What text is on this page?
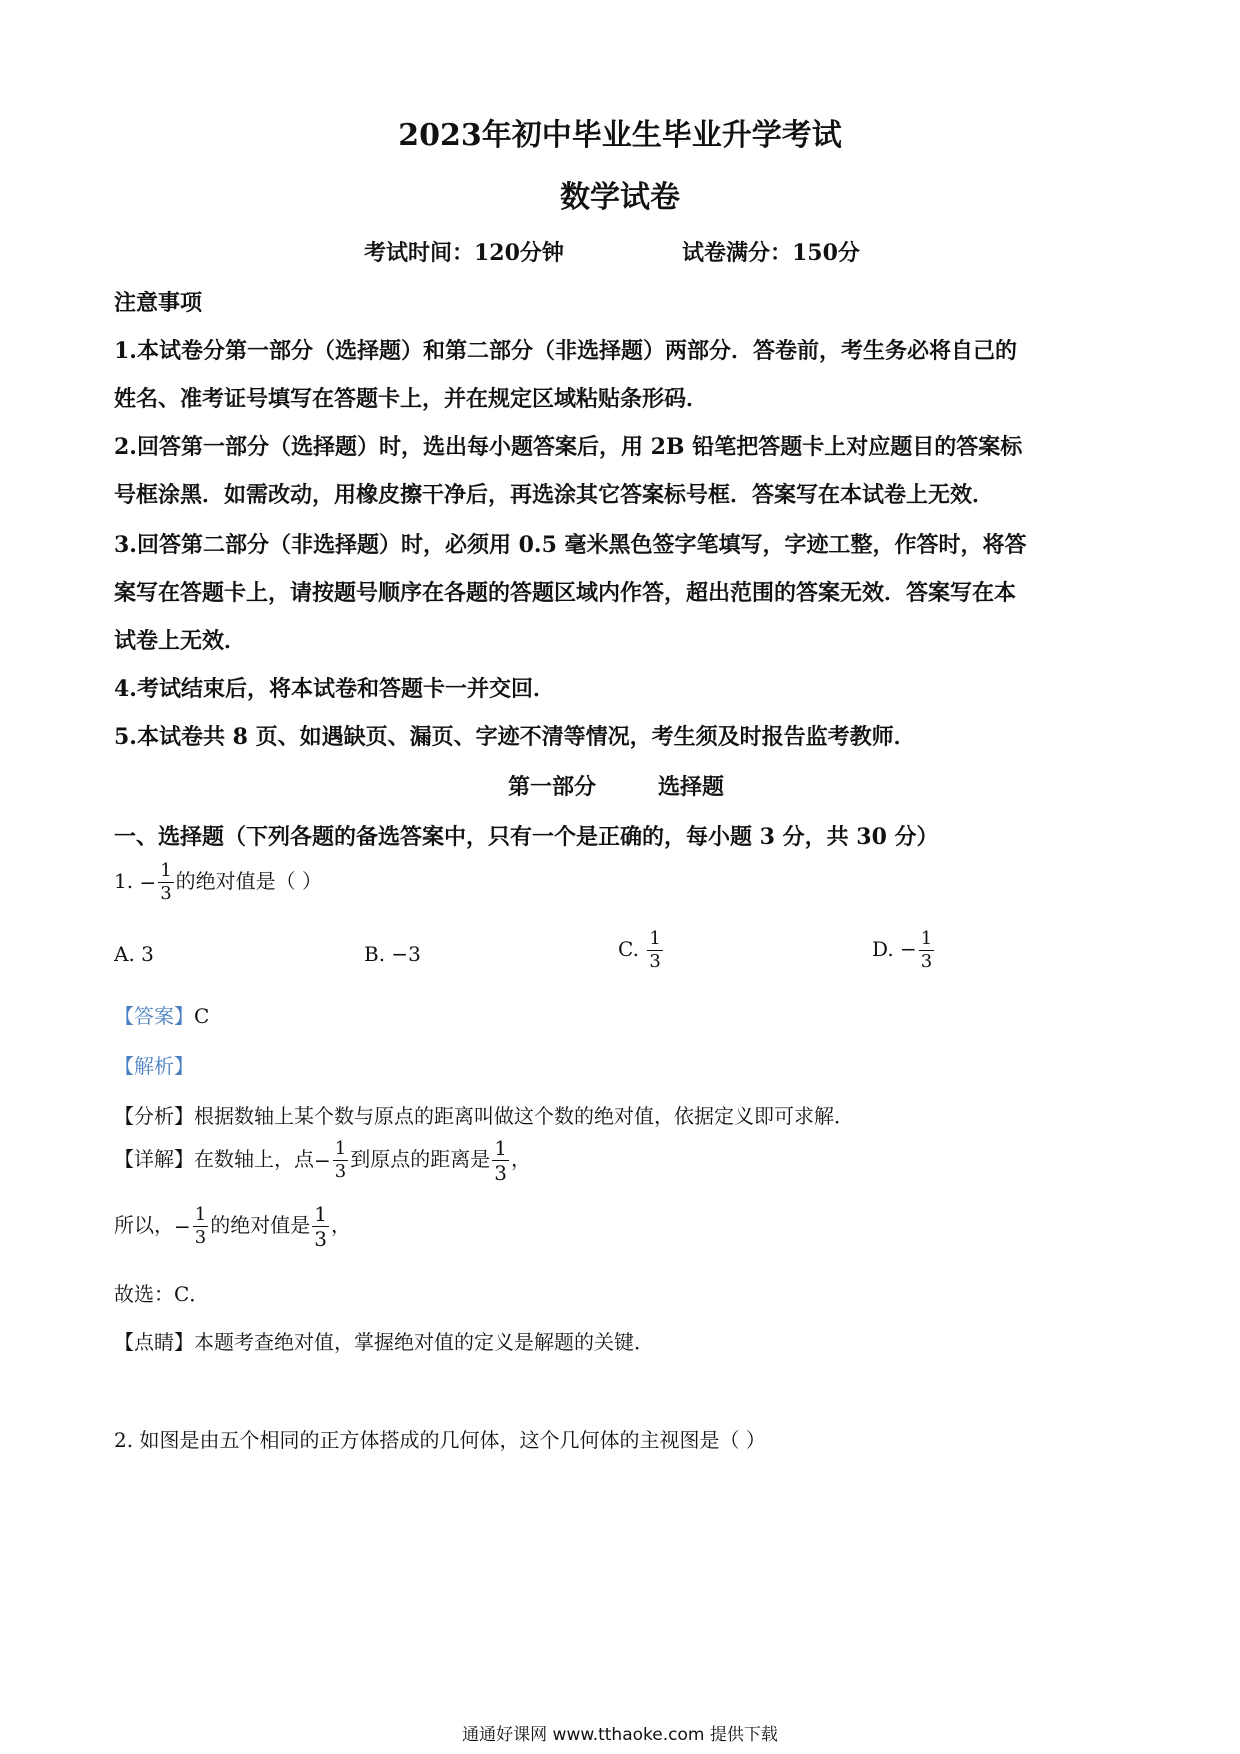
2023年初中毕业生毕业升学考试
数学试卷
考试时间：120分钟	试卷满分：150分
注意事项
1.本试卷分第一部分（选择题）和第二部分（非选择题）两部分．答卷前，考生务必将自己的
姓名、准考证号填写在答题卡上，并在规定区域粘贴条形码．
2.回答第一部分（选择题）时，选出每小题答案后，用 2B 铅笔把答题卡上对应题目的答案标
号框涂黑．如需改动，用橡皮擦干净后，再选涂其它答案标号框．答案写在本试卷上无效．
3.回答第二部分（非选择题）时，必须用 0.5 毫米黑色签字笔填写，字迹工整，作答时，将答
案写在答题卡上，请按题号顺序在各题的答题区域内作答，超出范围的答案无效．答案写在本
试卷上无效．
4.考试结束后，将本试卷和答题卡一并交回．
5.本试卷共 8 页、如遇缺页、漏页、字迹不清等情况，考生须及时报告监考教师．
第一部分	选择题
一、选择题（下列各题的备选答案中，只有一个是正确的，每小题 3 分，共 30 分）
1. − $\frac{1}{3}$ 的绝对值是（ ）
A. 3	B. −3	C. $\frac{1}{3}$	D. − $\frac{1}{3}$
【答案】C
【解析】
【分析】根据数轴上某个数与原点的距离叫做这个数的绝对值，依据定义即可求解．
【详解】在数轴上，点− $\frac{1}{3}$ 到原点的距离是 $\frac{1}{3}$ ，
所以，− $\frac{1}{3}$ 的绝对值是 $\frac{1}{3}$ ，
故选：C．
【点睛】本题考查绝对值，掌握绝对值的定义是解题的关键．
2. 如图是由五个相同的正方体搭成的几何体，这个几何体的主视图是（ ）
通通好课网 www.tthaoke.com 提供下载
